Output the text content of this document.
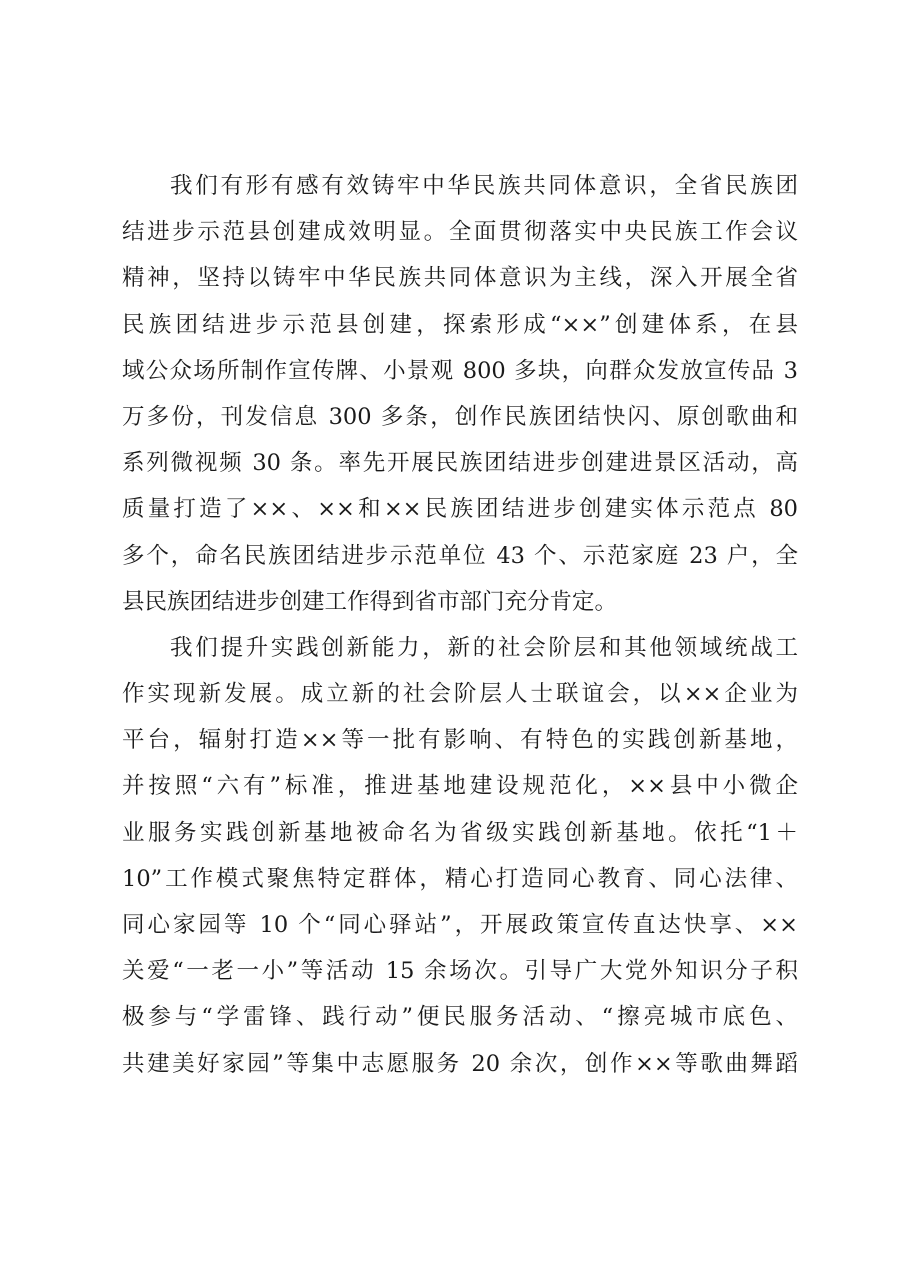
我们有形有感有效铸牢中华民族共同体意识，全省民族团
结进步示范县创建成效明显。全面贯彻落实中央民族工作会议
精神，坚持以铸牢中华民族共同体意识为主线，深入开展全省
民族团结进步示范县创建，探索形成“××”创建体系，在县
域公众场所制作宣传牌、小景观 800 多块，向群众发放宣传品 3
万多份，刊发信息 300 多条，创作民族团结快闪、原创歌曲和
系列微视频 30 条。率先开展民族团结进步创建进景区活动，高
质量打造了××、××和××民族团结进步创建实体示范点 80
多个，命名民族团结进步示范单位 43 个、示范家庭 23 户，全
县民族团结进步创建工作得到省市部门充分肯定。
我们提升实践创新能力，新的社会阶层和其他领域统战工
作实现新发展。成立新的社会阶层人士联谊会，以××企业为
平台，辐射打造××等一批有影响、有特色的实践创新基地，
并按照“六有”标准，推进基地建设规范化，××县中小微企
业服务实践创新基地被命名为省级实践创新基地。依托“1＋
10”工作模式聚焦特定群体，精心打造同心教育、同心法律、
同心家园等 10 个“同心驿站”，开展政策宣传直达快享、××
关爱“一老一小”等活动 15 余场次。引导广大党外知识分子积
极参与“学雷锋、践行动”便民服务活动、“擦亮城市底色、
共建美好家园”等集中志愿服务 20 余次，创作××等歌曲舞蹈
